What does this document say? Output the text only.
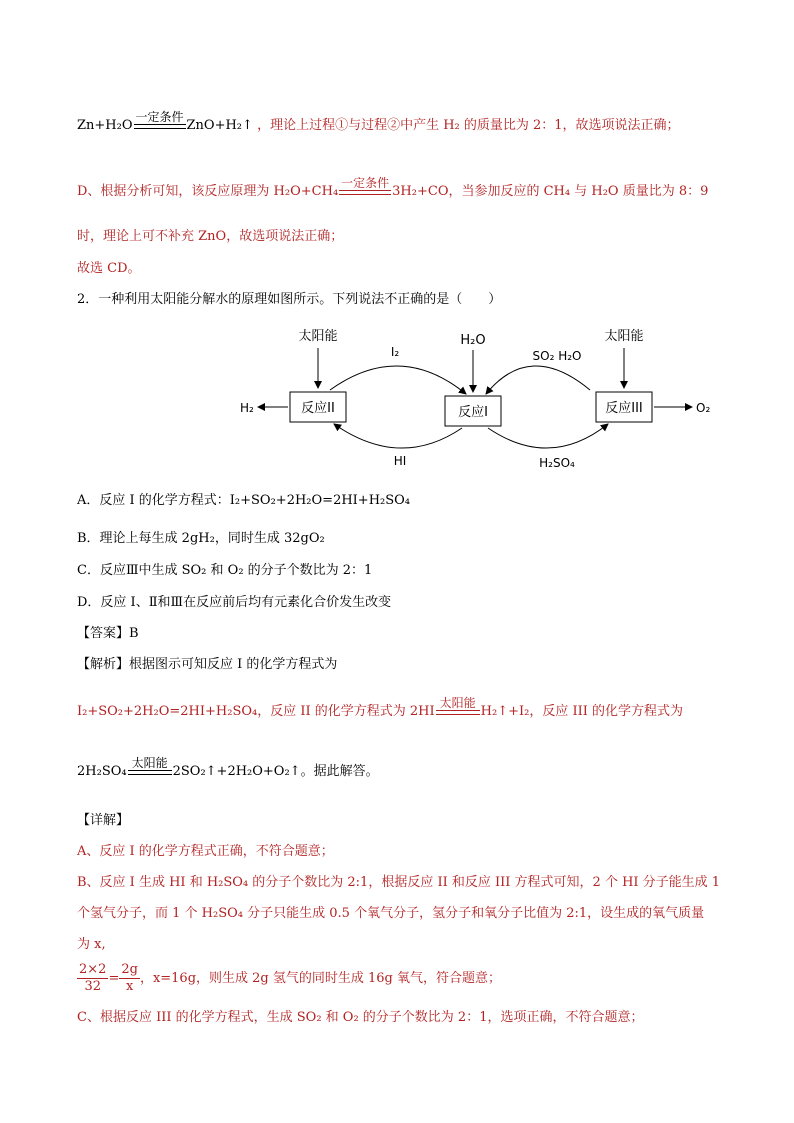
Zn+H₂O
一定条件
ZnO+H₂↑ ，理论上过程①与过程②中产生 H₂ 的质量比为 2：1，故选项说法正确；
D、根据分析可知，该反应原理为 H₂O+CH₄
一定条件
3H₂+CO，当参加反应的 CH₄ 与 H₂O 质量比为 8：9
时，理论上可不补充 ZnO，故选项说法正确；
故选 CD。
2．一种利用太阳能分解水的原理如图所示。下列说法不正确的是（　　）
反应II	反应I	反应III
太阳能	H₂O	太阳能
I₂	SO₂ H₂O
HI	H₂SO₄
H₂	O₂
A．反应 I 的化学方程式：I₂+SO₂+2H₂O=2HI+H₂SO₄
B．理论上每生成 2gH₂，同时生成 32gO₂
C．反应Ⅲ中生成 SO₂ 和 O₂ 的分子个数比为 2：1
D．反应 I、Ⅱ和Ⅲ在反应前后均有元素化合价发生改变
【答案】B
【解析】根据图示可知反应 I 的化学方程式为
I₂+SO₂+2H₂O=2HI+H₂SO₄，反应 II 的化学方程式为 2HI
太阳能
H₂↑+I₂，反应 III 的化学方程式为
2H₂SO₄
太阳能
2SO₂↑+2H₂O+O₂↑。据此解答。
【详解】
A、反应 I 的化学方程式正确，不符合题意；
B、反应 I 生成 HI 和 H₂SO₄ 的分子个数比为 2:1，根据反应 II 和反应 III 方程式可知，2 个 HI 分子能生成 1
个氢气分子，而 1 个 H₂SO₄ 分子只能生成 0.5 个氧气分子，氢分子和氧分子比值为 2:1，设生成的氧气质量
为 x,
$\frac{2\times 2}{32} = \frac{2g}{x}$ ，x=16g，则生成 2g 氢气的同时生成 16g 氧气，符合题意；
C、根据反应 III 的化学方程式，生成 SO₂ 和 O₂ 的分子个数比为 2：1，选项正确，不符合题意；
